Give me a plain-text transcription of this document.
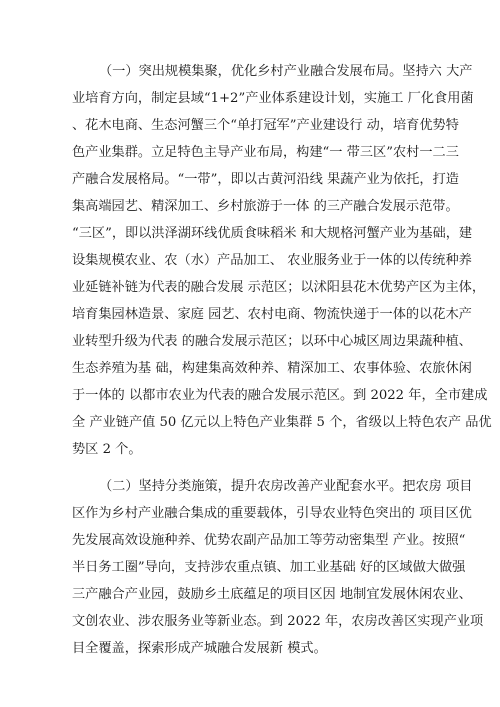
（一）突出规模集聚，优化乡村产业融合发展布局。坚持六 大产
业培育方向，制定县域“1+2”产业体系建设计划，实施工 厂化食用菌
、花木电商、生态河蟹三个“单打冠军”产业建设行 动，培育优势特
色产业集群。立足特色主导产业布局，构建“一 带三区”农村一二三
产融合发展格局。“一带”，即以古黄河沿线 果蔬产业为依托，打造
集高端园艺、精深加工、乡村旅游于一体 的三产融合发展示范带。
“三区”，即以洪泽湖环线优质食味稻米 和大规格河蟹产业为基础，建
设集规模农业、农（水）产品加工、 农业服务业于一体的以传统种养
业延链补链为代表的融合发展 示范区；以沭阳县花木优势产区为主体，
培育集园林造景、家庭 园艺、农村电商、物流快递于一体的以花木产
业转型升级为代表 的融合发展示范区；以环中心城区周边果蔬种植、
生态养殖为基 础，构建集高效种养、精深加工、农事体验、农旅休闲
于一体的 以都市农业为代表的融合发展示范区。到 2022 年，全市建成
全 产业链产值 50 亿元以上特色产业集群 5 个，省级以上特色农产 品优
势区 2 个。
（二）坚持分类施策，提升农房改善产业配套水平。把农房 项目
区作为乡村产业融合集成的重要载体，引导农业特色突出的 项目区优
先发展高效设施种养、优势农副产品加工等劳动密集型 产业。按照“
半日务工圈”导向，支持涉农重点镇、加工业基础 好的区域做大做强
三产融合产业园，鼓励乡土底蕴足的项目区因 地制宜发展休闲农业、
文创农业、涉农服务业等新业态。到 2022 年，农房改善区实现产业项
目全覆盖，探索形成产城融合发展新 模式。
